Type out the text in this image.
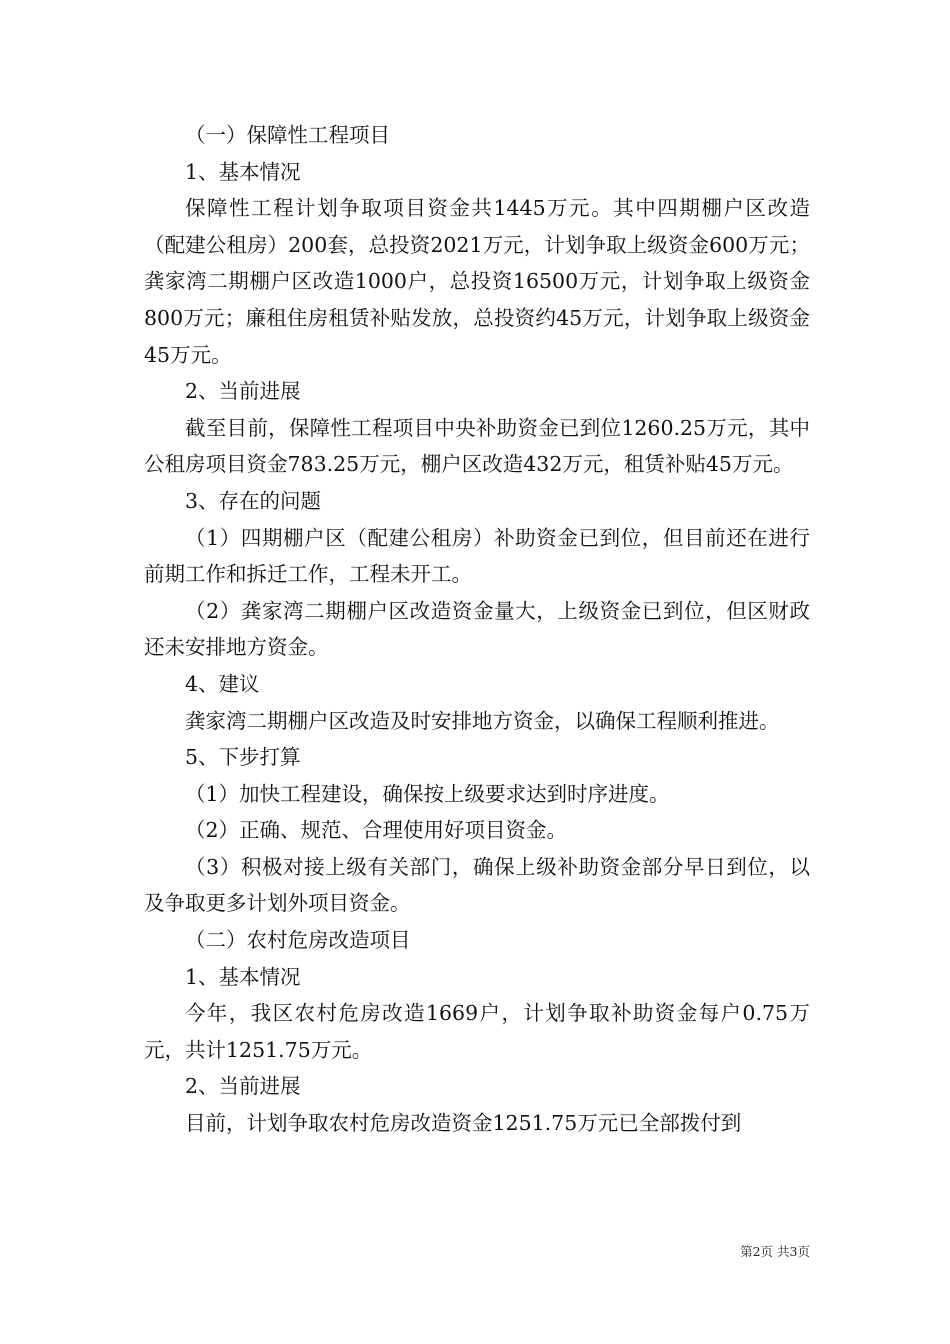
（一）保障性工程项目

1、基本情况

保障性工程计划争取项目资金共1445万元。其中四期棚户区改造（配建公租房）200套，总投资2021万元，计划争取上级资金600万元；龚家湾二期棚户区改造1000户，总投资16500万元，计划争取上级资金800万元；廉租住房租赁补贴发放，总投资约45万元，计划争取上级资金45万元。

2、当前进展

截至目前，保障性工程项目中央补助资金已到位1260.25万元，其中公租房项目资金783.25万元，棚户区改造432万元，租赁补贴45万元。

3、存在的问题

（1）四期棚户区（配建公租房）补助资金已到位，但目前还在进行前期工作和拆迁工作，工程未开工。

（2）龚家湾二期棚户区改造资金量大，上级资金已到位，但区财政还未安排地方资金。

4、建议

龚家湾二期棚户区改造及时安排地方资金，以确保工程顺利推进。

5、下步打算

（1）加快工程建设，确保按上级要求达到时序进度。

（2）正确、规范、合理使用好项目资金。

（3）积极对接上级有关部门，确保上级补助资金部分早日到位，以及争取更多计划外项目资金。

（二）农村危房改造项目

1、基本情况

今年，我区农村危房改造1669户，计划争取补助资金每户0.75万元，共计1251.75万元。

2、当前进展

目前，计划争取农村危房改造资金1251.75万元已全部拨付到

第2页 共3页
